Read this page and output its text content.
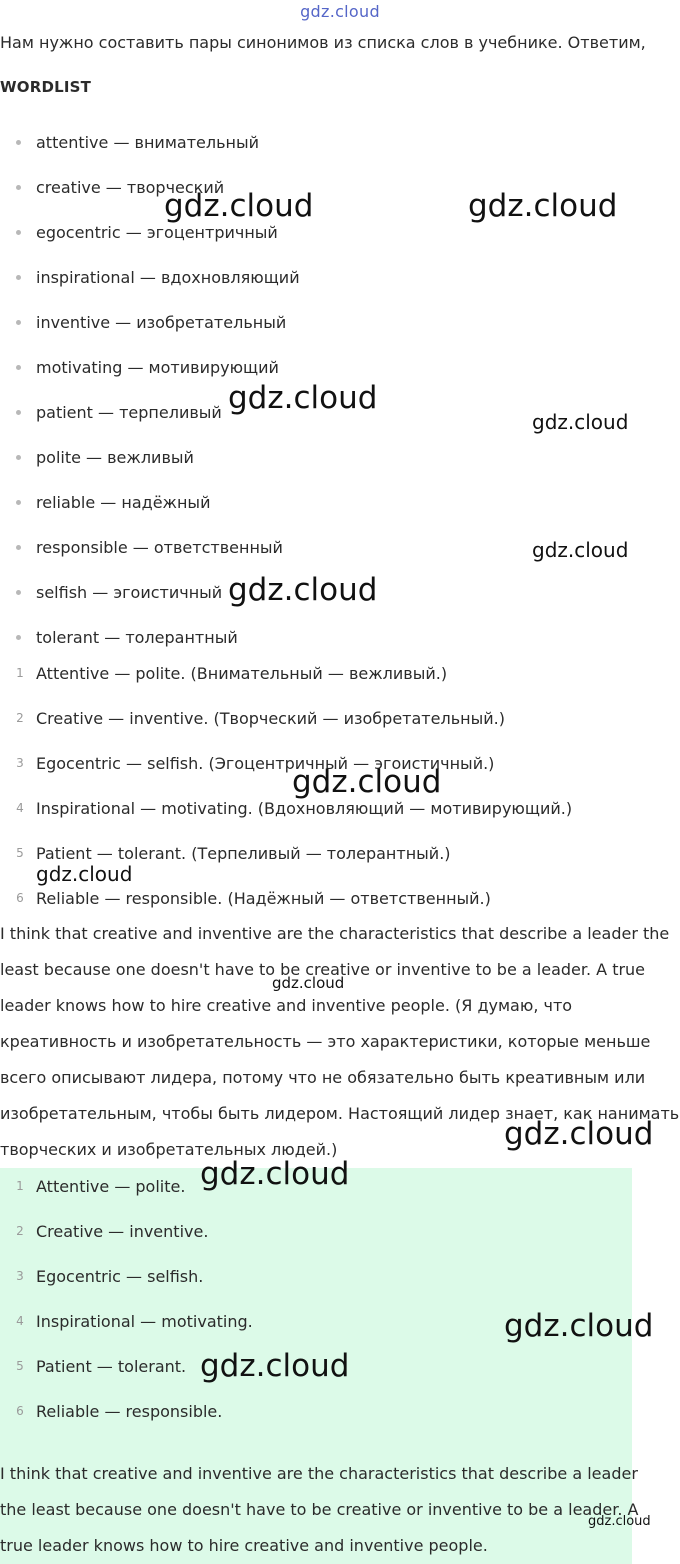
gdz.cloud

Нам нужно составить пары синонимов из списка слов в учебнике. Ответим,

WORDLIST
attentive — внимательный
creative — творческий
egocentric — эгоцентричный
inspirational — вдохновляющий
inventive — изобретательный
motivating — мотивирующий
patient — терпеливый
polite — вежливый
reliable — надёжный
responsible — ответственный
selfish — эгоистичный
tolerant — толерантный
1 Attentive — polite. (Внимательный — вежливый.)
2 Creative — inventive. (Творческий — изобретательный.)
3 Egocentric — selfish. (Эгоцентричный — эгоистичный.)
4 Inspirational — motivating. (Вдохновляющий — мотивирующий.)
5 Patient — tolerant. (Терпеливый — толерантный.)
6 Reliable — responsible. (Надёжный — ответственный.)

I think that creative and inventive are the characteristics that describe a leader the least because one doesn't have to be creative or inventive to be a leader. A true leader knows how to hire creative and inventive people. (Я думаю, что креативность и изобретательность — это характеристики, которые меньше всего описывают лидера, потому что не обязательно быть креативным или изобретательным, чтобы быть лидером. Настоящий лидер знает, как нанимать творческих и изобретательных людей.)

1 Attentive — polite.
2 Creative — inventive.
3 Egocentric — selfish.
4 Inspirational — motivating.
5 Patient — tolerant.
6 Reliable — responsible.

I think that creative and inventive are the characteristics that describe a leader the least because one doesn't have to be creative or inventive to be a leader. A true leader knows how to hire creative and inventive people.

gdz.cloud	gdz.cloud
gdz.cloud
gdz.cloud
gdz.cloud
gdz.cloud
gdz.cloud
gdz.cloud
gdz.cloud
gdz.cloud
gdz.cloud
gdz.cloud
gdz.cloud
gdz.cloud
